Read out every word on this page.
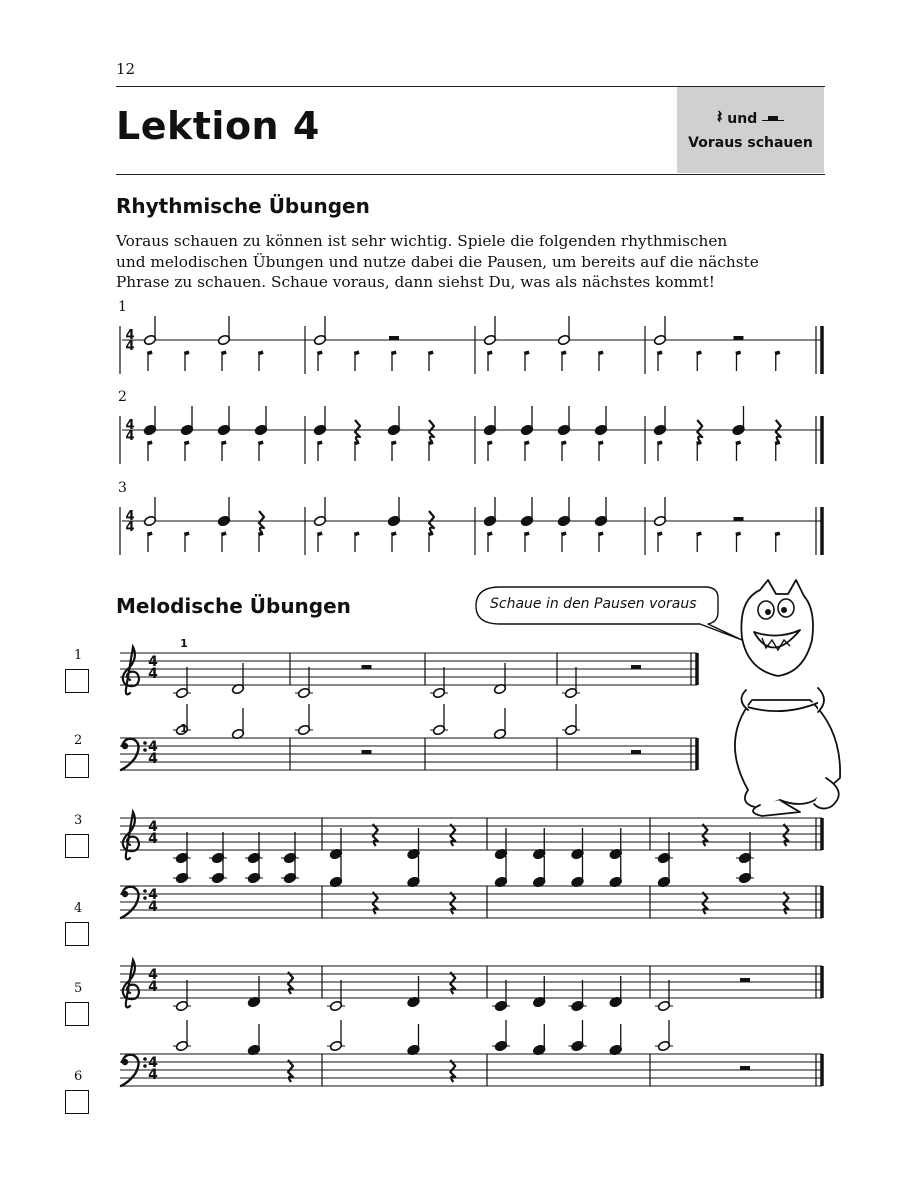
12
Lektion 4	𝄽 und
Voraus schauen
Rhythmische Übungen
Voraus schauen zu können ist sehr wichtig. Spiele die folgenden rhythmischen
und melodischen Übungen und nutze dabei die Pausen, um bereits auf die nächste
Phrase zu schauen. Schaue voraus, dann siehst Du, was als nächstes kommt!
1
2
3
Melodische Übungen
4
4
4
4
4
4
4
4
1
4
4
1
4
4
4
4
4
4
4
4
Schaue in den Pausen voraus
1
2
3
4
5
6
